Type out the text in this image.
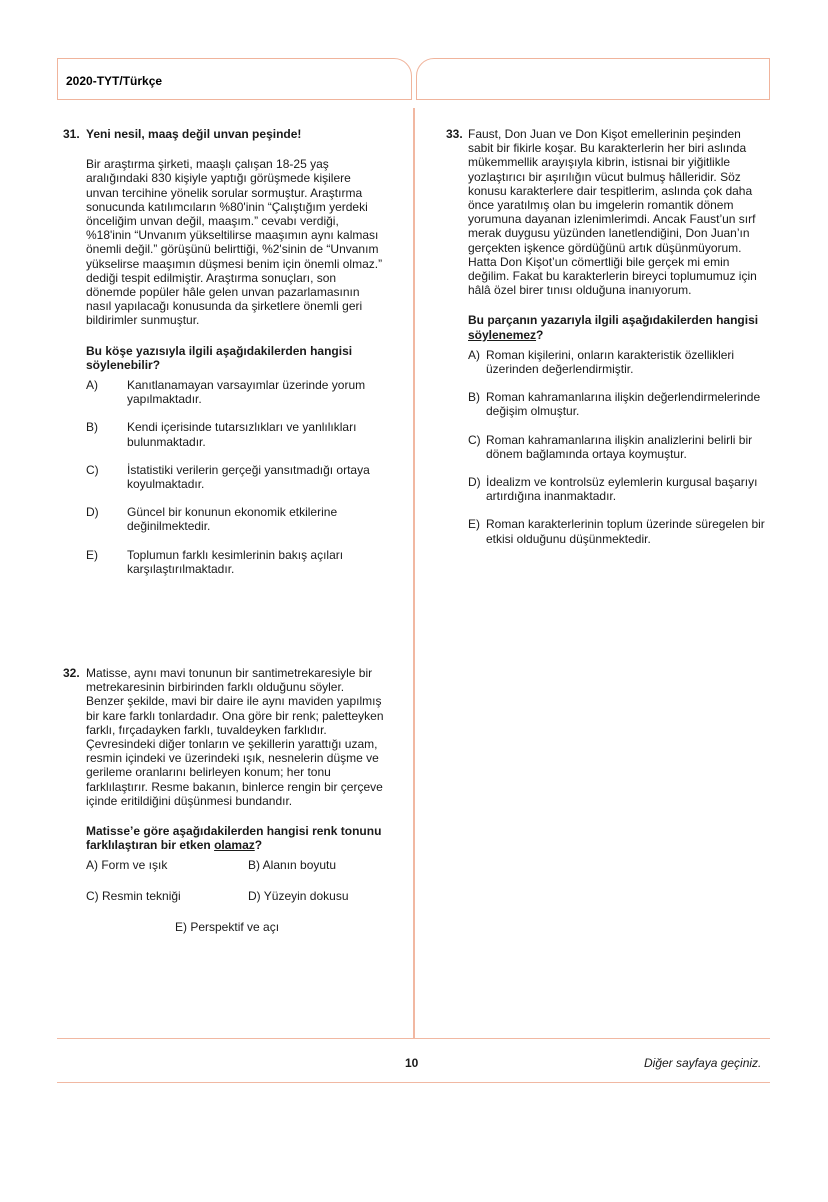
2020-TYT/Türkçe
31. Yeni nesil, maaş değil unvan peşinde!
Bir araştırma şirketi, maaşlı çalışan 18-25 yaş
aralığındaki 830 kişiyle yaptığı görüşmede kişilere
unvan tercihine yönelik sorular sormuştur. Araştırma
sonucunda katılımcıların %80'inin “Çalıştığım yerdeki
önceliğim unvan değil, maaşım.” cevabı verdiği,
%18'inin “Unvanım yükseltilirse maaşımın aynı kalması
önemli değil.” görüşünü belirttiği, %2'sinin de “Unvanım
yükselirse maaşımın düşmesi benim için önemli olmaz.”
dediği tespit edilmiştir. Araştırma sonuçları, son
dönemde popüler hâle gelen unvan pazarlamasının
nasıl yapılacağı konusunda da şirketlere önemli geri
bildirimler sunmuştur.
Bu köşe yazısıyla ilgili aşağıdakilerden hangisi
söylenebilir?
A)	Kanıtlanamayan varsayımlar üzerinde yorum
yapılmaktadır.
B)	Kendi içerisinde tutarsızlıkları ve yanlılıkları
bulunmaktadır.
C)	İstatistiki verilerin gerçeği yansıtmadığı ortaya
koyulmaktadır.
D)	Güncel bir konunun ekonomik etkilerine
değinilmektedir.
E)	Toplumun farklı kesimlerinin bakış açıları
karşılaştırılmaktadır.
32. Matisse, aynı mavi tonunun bir santimetrekaresiyle bir
metrekaresinin birbirinden farklı olduğunu söyler.
Benzer şekilde, mavi bir daire ile aynı maviden yapılmış
bir kare farklı tonlardadır. Ona göre bir renk; paletteyken
farklı, fırçadayken farklı, tuvaldeyken farklıdır.
Çevresindeki diğer tonların ve şekillerin yarattığı uzam,
resmin içindeki ve üzerindeki ışık, nesnelerin düşme ve
gerileme oranlarını belirleyen konum; her tonu
farklılaştırır. Resme bakanın, binlerce rengin bir çerçeve
içinde eritildiğini düşünmesi bundandır.
Matisse’e göre aşağıdakilerden hangisi renk tonunu
farklılaştıran bir etken olamaz?
A) Form ve ışık	B) Alanın boyutu
C) Resmin tekniği	D) Yüzeyin dokusu
E) Perspektif ve açı
33. Faust, Don Juan ve Don Kişot emellerinin peşinden
sabit bir fikirle koşar. Bu karakterlerin her biri aslında
mükemmellik arayışıyla kibrin, istisnai bir yiğitlikle
yozlaştırıcı bir aşırılığın vücut bulmuş hâlleridir. Söz
konusu karakterlere dair tespitlerim, aslında çok daha
önce yaratılmış olan bu imgelerin romantik dönem
yorumuna dayanan izlenimlerimdi. Ancak Faust’un sırf
merak duygusu yüzünden lanetlendiğini, Don Juan’ın
gerçekten işkence gördüğünü artık düşünmüyorum.
Hatta Don Kişot’un cömertliği bile gerçek mi emin
değilim. Fakat bu karakterlerin bireyci toplumumuz için
hâlâ özel birer tınısı olduğuna inanıyorum.
Bu parçanın yazarıyla ilgili aşağıdakilerden hangisi
söylenemez?
A) Roman kişilerini, onların karakteristik özellikleri
üzerinden değerlendirmiştir.
B) Roman kahramanlarına ilişkin değerlendirmelerinde
değişim olmuştur.
C) Roman kahramanlarına ilişkin analizlerini belirli bir
dönem bağlamında ortaya koymuştur.
D) İdealizm ve kontrolsüz eylemlerin kurgusal başarıyı
artırdığına inanmaktadır.
E) Roman karakterlerinin toplum üzerinde süregelen bir
etkisi olduğunu düşünmektedir.
10	Diğer sayfaya geçiniz.
